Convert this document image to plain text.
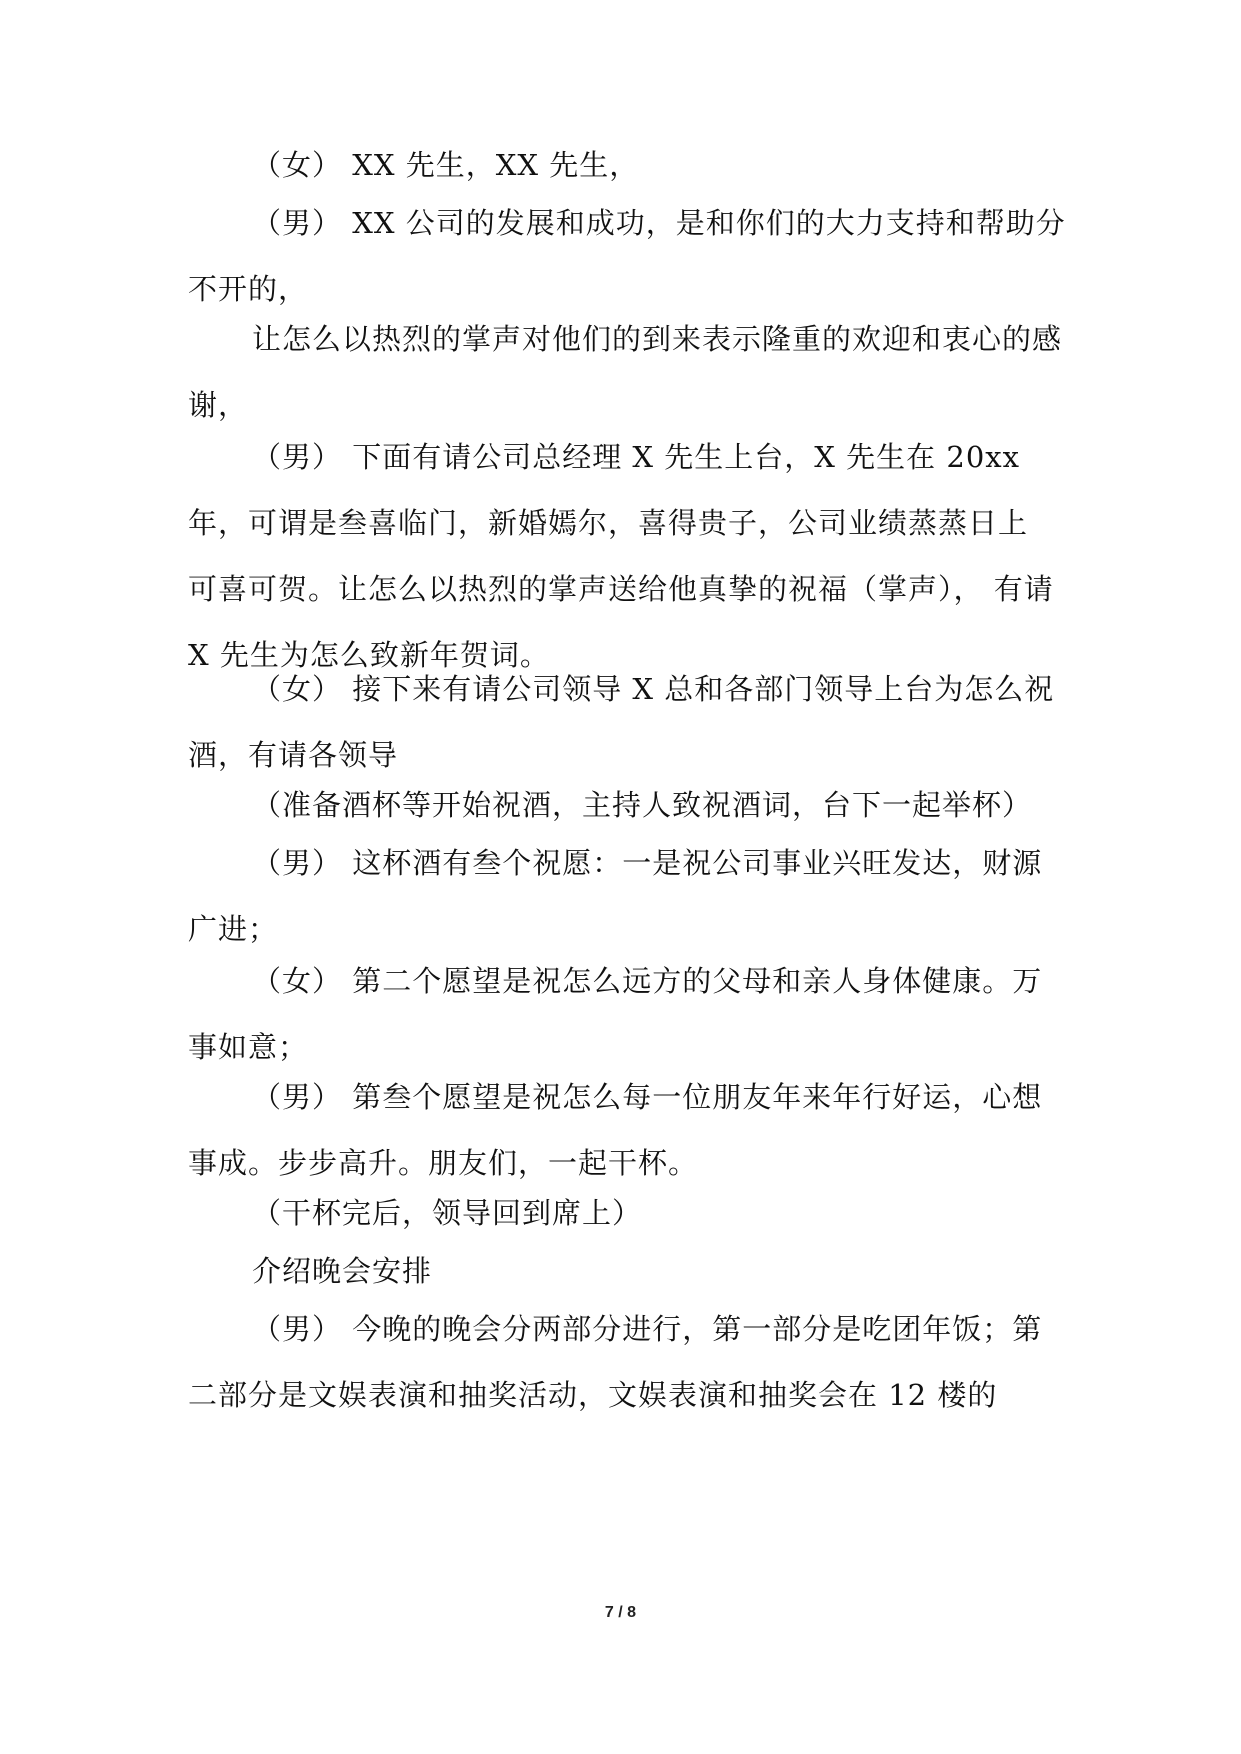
（女） XX 先生，XX 先生，

（男） XX 公司的发展和成功，是和你们的大力支持和帮助分不开的，

让怎么以热烈的掌声对他们的到来表示隆重的欢迎和衷心的感谢，

（男） 下面有请公司总经理 X 先生上台，X 先生在 20xx 年，可谓是叁喜临门，新婚嫣尔，喜得贵子，公司业绩蒸蒸日上 可喜可贺。让怎么以热烈的掌声送给他真挚的祝福（掌声）， 有请 X 先生为怎么致新年贺词。

（女） 接下来有请公司领导 X 总和各部门领导上台为怎么祝酒，有请各领导

（准备酒杯等开始祝酒，主持人致祝酒词，台下一起举杯）

（男） 这杯酒有叁个祝愿：一是祝公司事业兴旺发达，财源广进；

（女） 第二个愿望是祝怎么远方的父母和亲人身体健康。万事如意；

（男） 第叁个愿望是祝怎么每一位朋友年来年行好运，心想事成。步步高升。朋友们，一起干杯。

（干杯完后，领导回到席上）

介绍晚会安排

（男） 今晚的晚会分两部分进行，第一部分是吃团年饭；第二部分是文娱表演和抽奖活动，文娱表演和抽奖会在 12 楼的

7 / 8
